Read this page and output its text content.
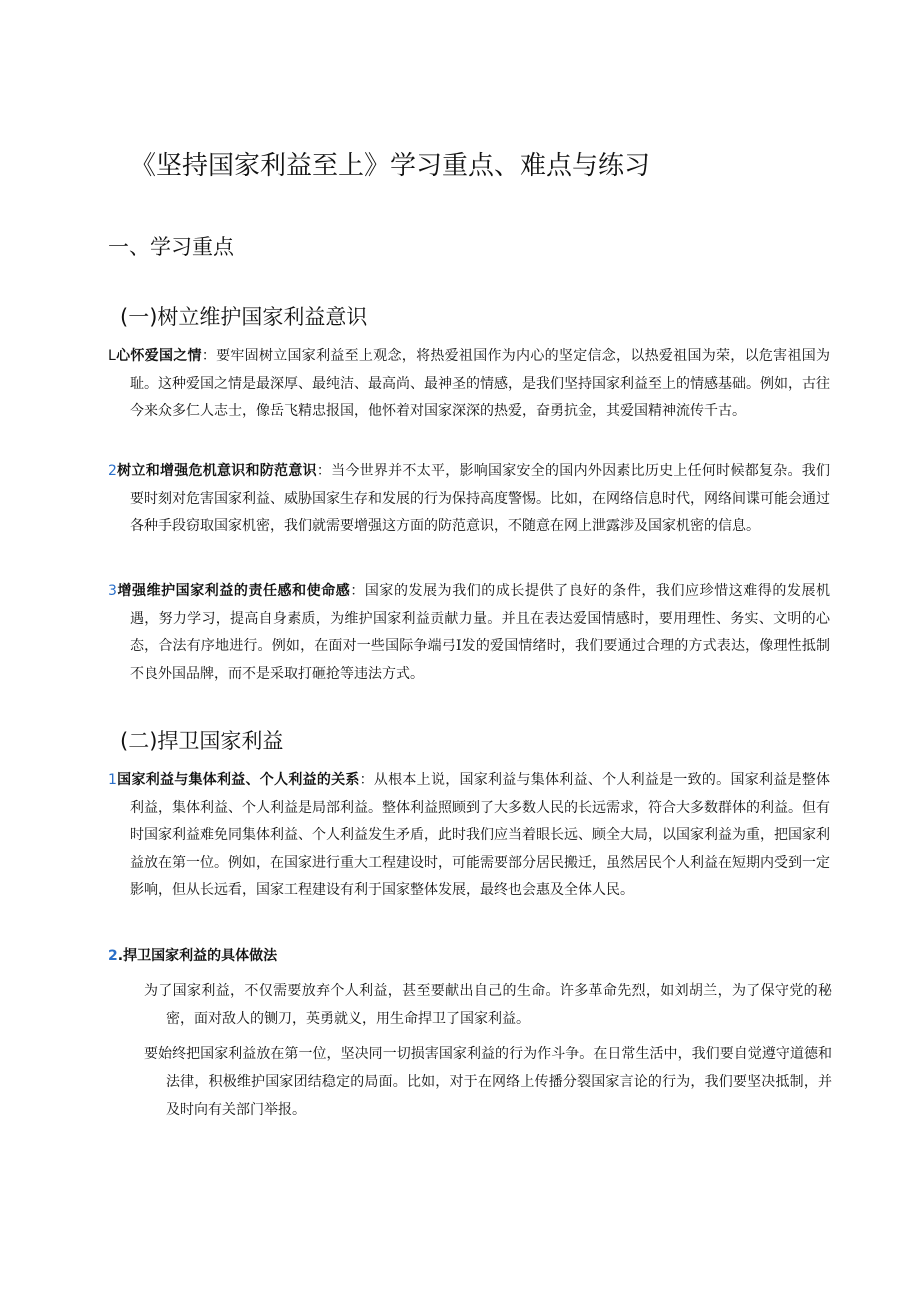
《坚持国家利益至上》学习重点、难点与练习
一、学习重点
(一)树立维护国家利益意识

L心怀爱国之情：要牢固树立国家利益至上观念，将热爱祖国作为内心的坚定信念，以热爱祖国为荣，以危害祖国为耻。这种爱国之情是最深厚、最纯洁、最高尚、最神圣的情感，是我们坚持国家利益至上的情感基础。例如，古往今来众多仁人志士，像岳飞精忠报国，他怀着对国家深深的热爱，奋勇抗金，其爱国精神流传千古。

2树立和增强危机意识和防范意识：当今世界并不太平，影响国家安全的国内外因素比历史上任何时候都复杂。我们要时刻对危害国家利益、威胁国家生存和发展的行为保持高度警惕。比如，在网络信息时代，网络间谍可能会通过各种手段窃取国家机密，我们就需要增强这方面的防范意识，不随意在网上泄露涉及国家机密的信息。

3增强维护国家利益的责任感和使命感：国家的发展为我们的成长提供了良好的条件，我们应珍惜这难得的发展机遇，努力学习，提高自身素质，为维护国家利益贡献力量。并且在表达爱国情感时，要用理性、务实、文明的心态，合法有序地进行。例如，在面对一些国际争端弓I发的爱国情绪时，我们要通过合理的方式表达，像理性抵制不良外国品牌，而不是采取打砸抢等违法方式。

(二)捍卫国家利益

1国家利益与集体利益、个人利益的关系：从根本上说，国家利益与集体利益、个人利益是一致的。国家利益是整体利益，集体利益、个人利益是局部利益。整体利益照顾到了大多数人民的长远需求，符合大多数群体的利益。但有时国家利益难免同集体利益、个人利益发生矛盾，此时我们应当着眼长远、顾全大局，以国家利益为重，把国家利益放在第一位。例如，在国家进行重大工程建设时，可能需要部分居民搬迁，虽然居民个人利益在短期内受到一定影响，但从长远看，国家工程建设有利于国家整体发展，最终也会惠及全体人民。

2.捍卫国家利益的具体做法

为了国家利益，不仅需要放弃个人利益，甚至要献出自己的生命。许多革命先烈，如刘胡兰，为了保守党的秘密，面对敌人的铡刀，英勇就义，用生命捍卫了国家利益。

要始终把国家利益放在第一位，坚决同一切损害国家利益的行为作斗争。在日常生活中，我们要自觉遵守道德和法律，积极维护国家团结稳定的局面。比如，对于在网络上传播分裂国家言论的行为，我们要坚决抵制，并及时向有关部门举报。
